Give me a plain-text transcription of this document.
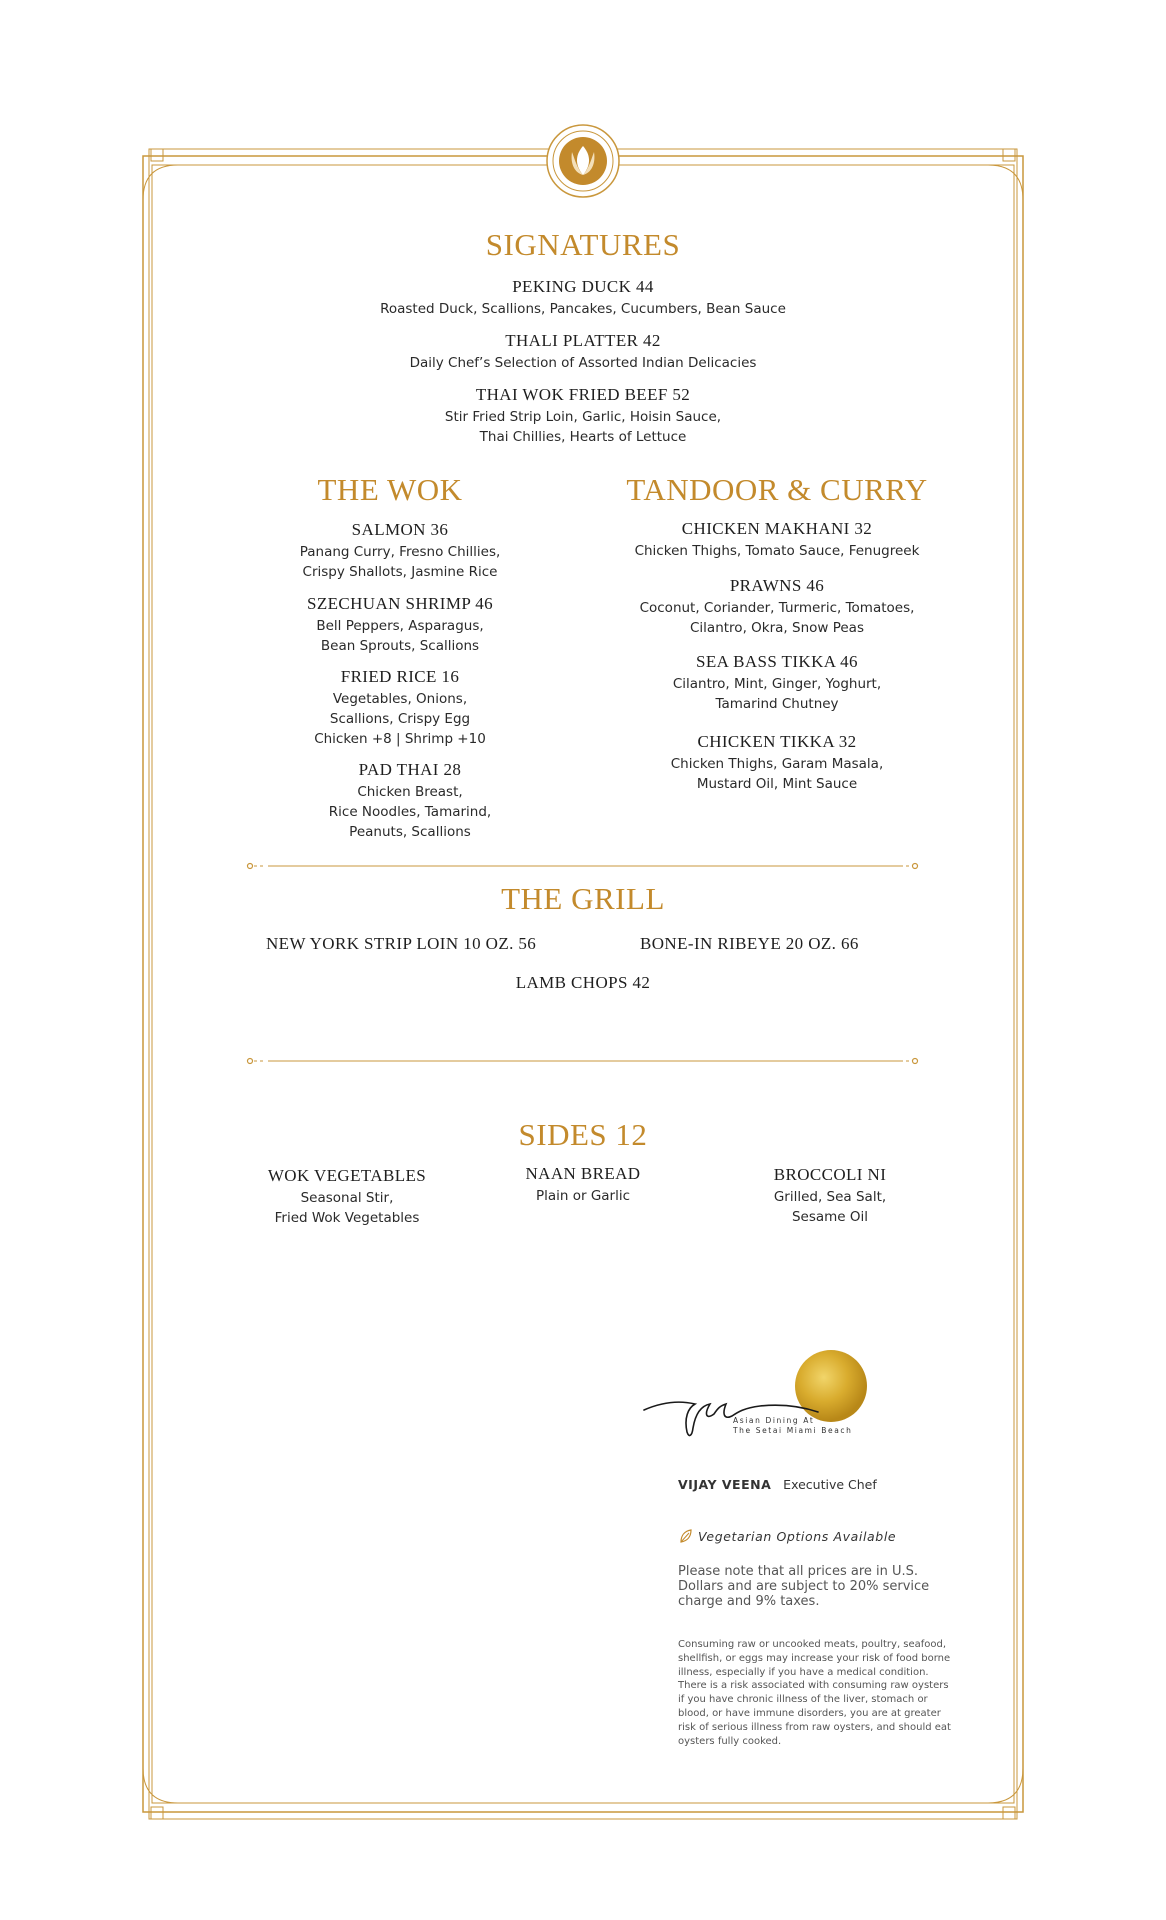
SIGNATURES
PEKING DUCK 44
Roasted Duck, Scallions, Pancakes, Cucumbers, Bean Sauce
THALI PLATTER 42
Daily Chef’s Selection of Assorted Indian Delicacies
THAI WOK FRIED BEEF 52
Stir Fried Strip Loin, Garlic, Hoisin Sauce,
Thai Chillies, Hearts of Lettuce
THE WOK
SALMON 36
Panang Curry, Fresno Chillies,
Crispy Shallots, Jasmine Rice
SZECHUAN SHRIMP 46
Bell Peppers, Asparagus,
Bean Sprouts, Scallions
FRIED RICE 16
Vegetables, Onions,
Scallions, Crispy Egg
Chicken +8 | Shrimp +10
PAD THAI 28
Chicken Breast,
Rice Noodles, Tamarind,
Peanuts, Scallions
TANDOOR & CURRY
CHICKEN MAKHANI 32
Chicken Thighs, Tomato Sauce, Fenugreek
PRAWNS 46
Coconut, Coriander, Turmeric, Tomatoes,
Cilantro, Okra, Snow Peas
SEA BASS TIKKA 46
Cilantro, Mint, Ginger, Yoghurt,
Tamarind Chutney
CHICKEN TIKKA 32
Chicken Thighs, Garam Masala,
Mustard Oil, Mint Sauce
THE GRILL
NEW YORK STRIP LOIN 10 OZ. 56	BONE-IN RIBEYE 20 OZ. 66
LAMB CHOPS 42
SIDES 12
WOK VEGETABLES
Seasonal Stir,
Fried Wok Vegetables
NAAN BREAD
Plain or Garlic
BROCCOLI NI
Grilled, Sea Salt,
Sesame Oil
Asian Dining At
The Setai Miami Beach
VIJAY VEENA Executive Chef
Vegetarian Options Available
Please note that all prices are in U.S.
Dollars and are subject to 20% service
charge and 9% taxes.
Consuming raw or uncooked meats, poultry, seafood,
shellfish, or eggs may increase your risk of food borne
illness, especially if you have a medical condition.
There is a risk associated with consuming raw oysters
if you have chronic illness of the liver, stomach or
blood, or have immune disorders, you are at greater
risk of serious illness from raw oysters, and should eat
oysters fully cooked.
